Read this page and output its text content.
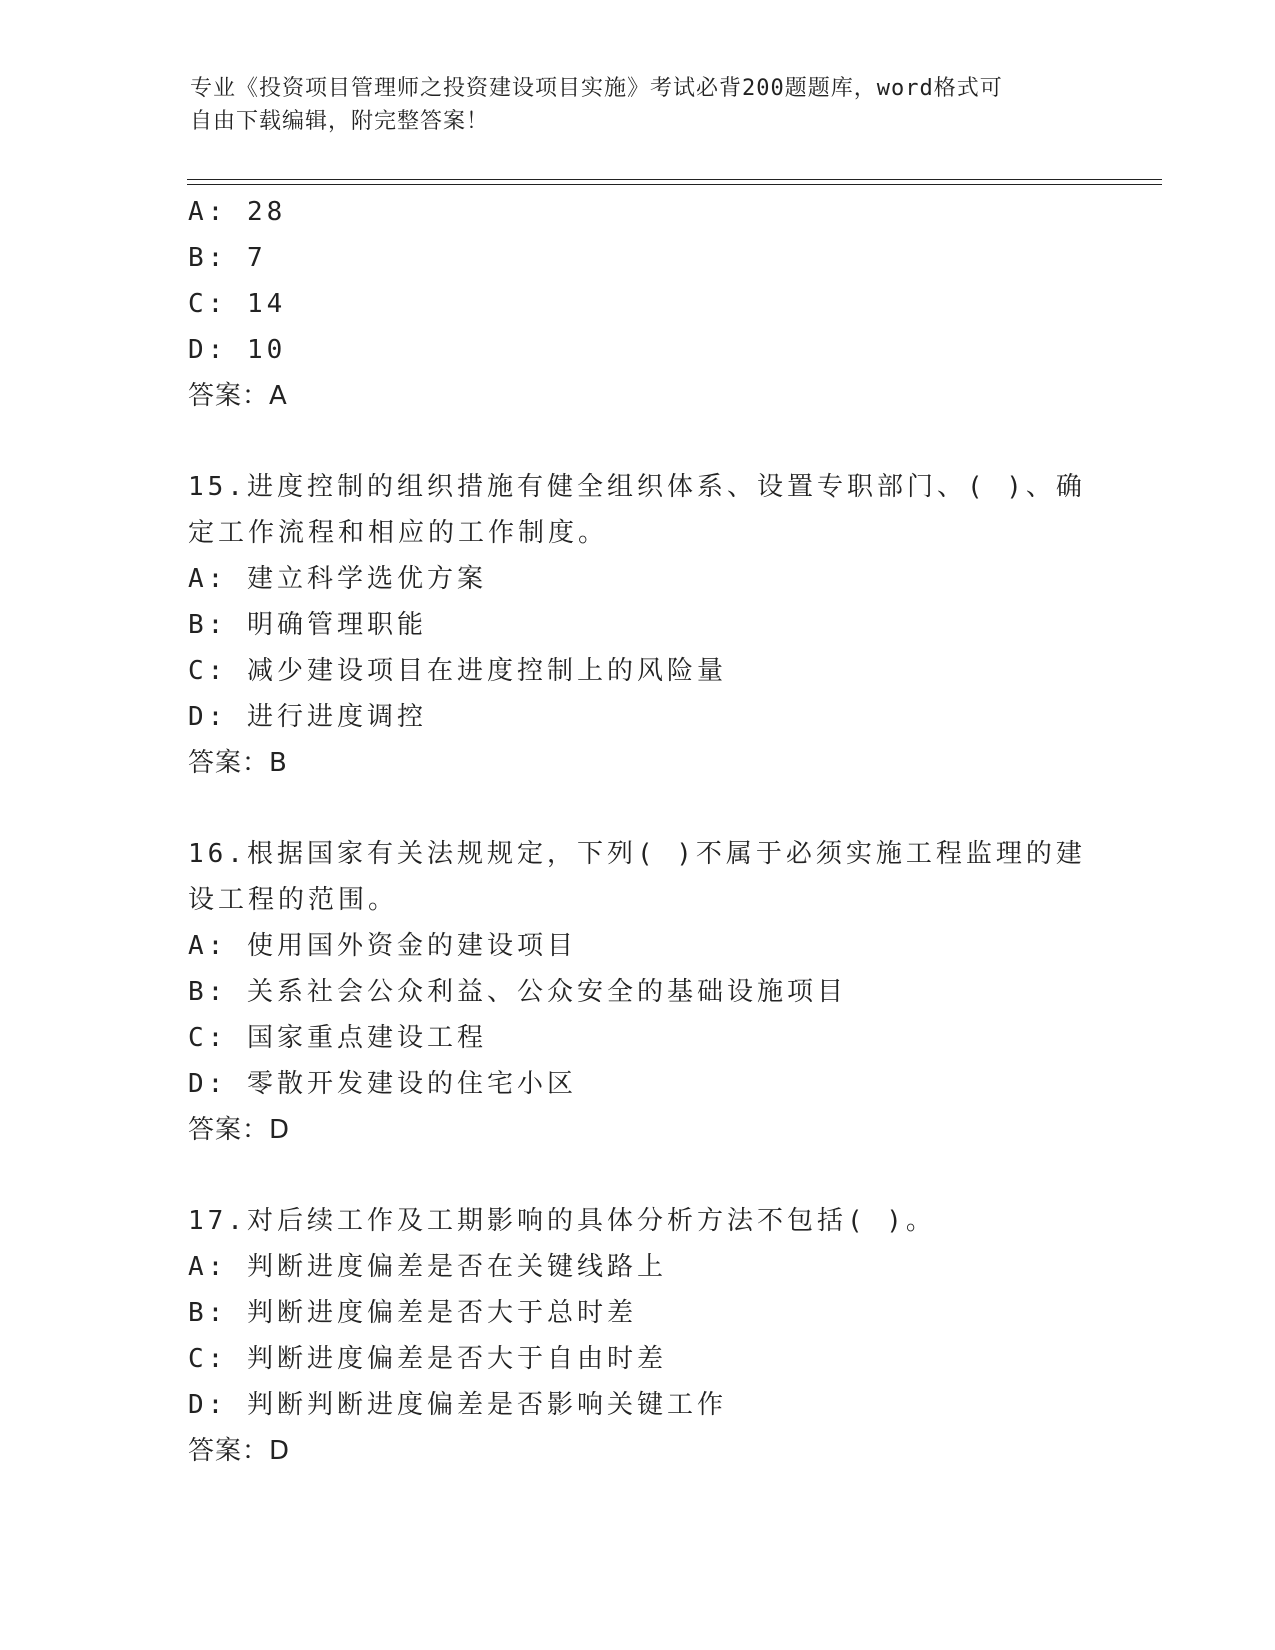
专业《投资项目管理师之投资建设项目实施》考试必背200题题库，word格式可
自由下载编辑，附完整答案！
A: 28
B: 7
C: 14
D: 10
答案：A
15.进度控制的组织措施有健全组织体系、设置专职部门、( )、确
定工作流程和相应的工作制度。
A: 建立科学选优方案
B: 明确管理职能
C: 减少建设项目在进度控制上的风险量
D: 进行进度调控
答案：B
16.根据国家有关法规规定，下列( )不属于必须实施工程监理的建
设工程的范围。
A: 使用国外资金的建设项目
B: 关系社会公众利益、公众安全的基础设施项目
C: 国家重点建设工程
D: 零散开发建设的住宅小区
答案：D
17.对后续工作及工期影响的具体分析方法不包括( )。
A: 判断进度偏差是否在关键线路上
B: 判断进度偏差是否大于总时差
C: 判断进度偏差是否大于自由时差
D: 判断判断进度偏差是否影响关键工作
答案：D
